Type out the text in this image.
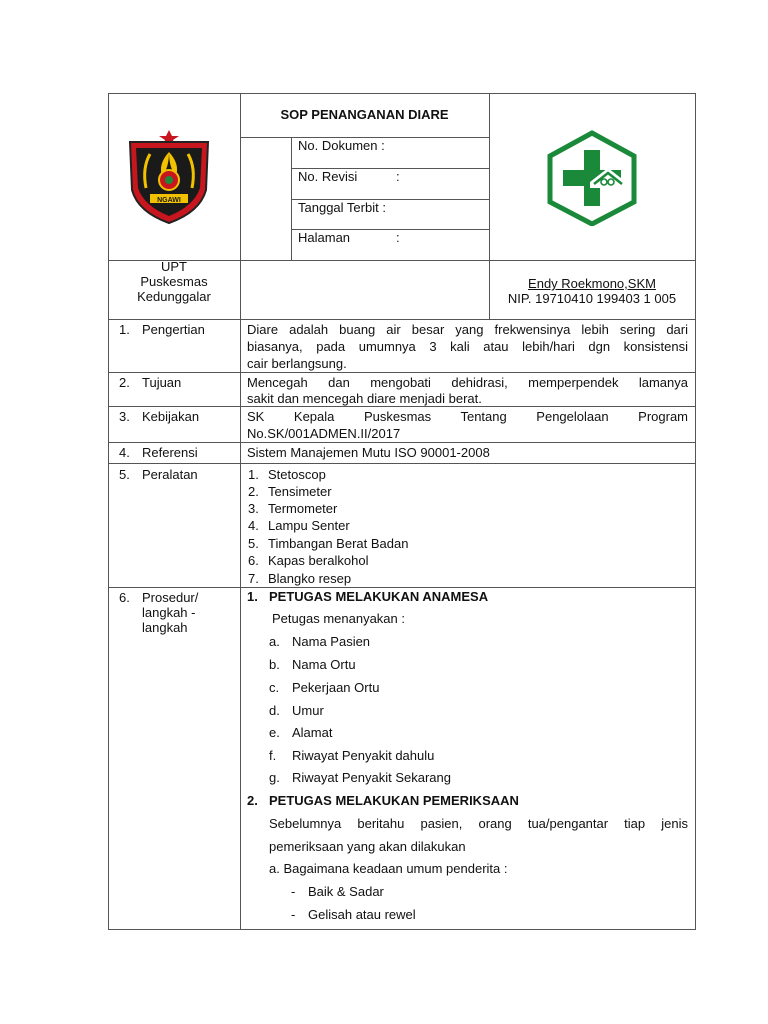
NGAWI
SOP PENANGANAN DIARE
No. Dokumen :
No. Revisi	:
Tanggal Terbit :
Halaman	:
UPT
Puskesmas
Kedunggalar
Endy Roekmono,SKM
NIP. 19710410 199403 1 005
1. Pengertian
2. Tujuan
3. Kebijakan
4. Referensi
5. Peralatan
6. Prosedur/
langkah -
langkah
Diare adalah buang air besar yang frekwensinya lebih sering dari
biasanya, pada umumnya 3 kali atau lebih/hari dgn konsistensi
cair berlangsung.
Mencegah dan mengobati dehidrasi, memperpendek lamanya
sakit dan mencegah diare menjadi berat.
SK Kepala Puskesmas Tentang Pengelolaan Program
No.SK/001ADMEN.II/2017
Sistem Manajemen Mutu ISO 90001-2008
1. Stetoscop
2. Tensimeter
3. Termometer
4. Lampu Senter
5. Timbangan Berat Badan
6. Kapas beralkohol
7. Blangko resep
1. PETUGAS MELAKUKAN ANAMESA
Petugas menanyakan :
a. Nama Pasien
b. Nama Ortu
c. Pekerjaan Ortu
d. Umur
e. Alamat
f. Riwayat Penyakit dahulu
g. Riwayat Penyakit Sekarang
2. PETUGAS MELAKUKAN PEMERIKSAAN
Sebelumnya beritahu pasien, orang tua/pengantar tiap jenis
pemeriksaan yang akan dilakukan
a. Bagaimana keadaan umum penderita :
- Baik & Sadar
- Gelisah atau rewel
